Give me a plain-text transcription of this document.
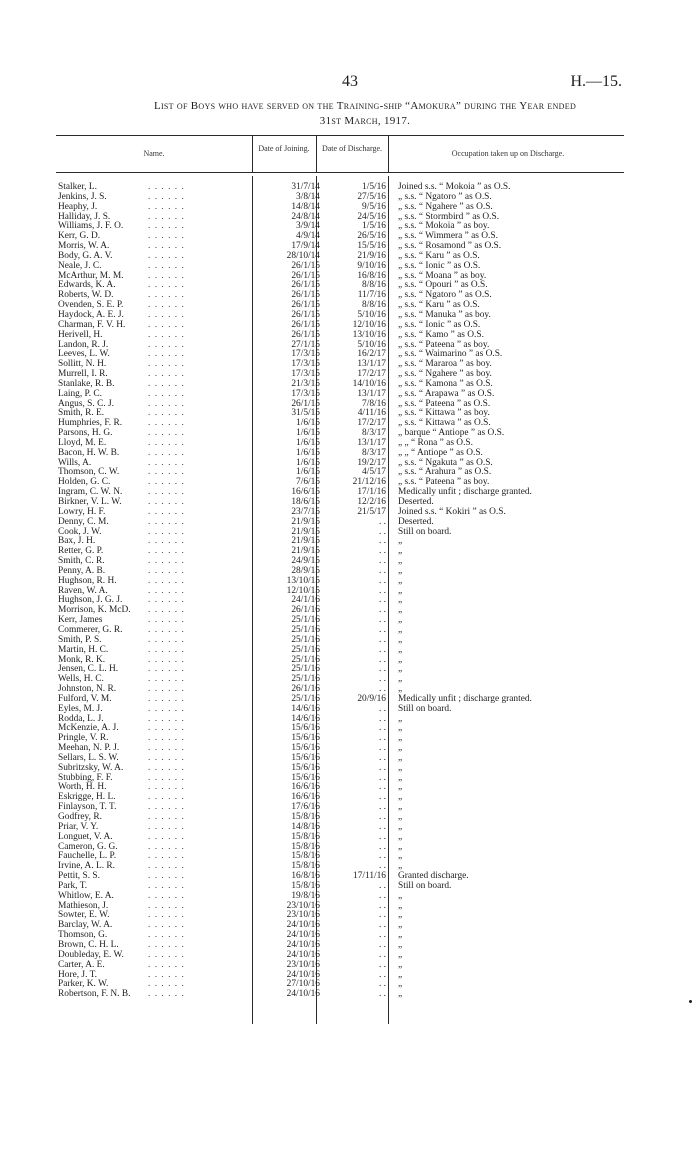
43	H.—15.
List of Boys who have served on the Training-ship “Amokura” during the Year ended
31st March, 1917.
Name.
Date of Joining. Date of Discharge.
Occupation taken up on Discharge.
Stalker, L.	. . . . . .	31/7/14	1/5/16 Joined s.s. “ Mokoia ” as O.S.
Jenkins, J. S.	. . . . . .	3/8/14	27/5/16 „ s.s. “ Ngatoro ” as O.S.
Heaphy, J.	. . . . . .	14/8/14	9/5/16 „ s.s. “ Ngahere ” as O.S.
Halliday, J. S.	. . . . . .	24/8/14	24/5/16 „ s.s. “ Stormbird ” as O.S.
Williams, J. F. O.	. . . . . .	3/9/14	1/5/16 „ s.s. “ Mokoia ” as boy.
Kerr, G. D.	. . . . . .	4/9/14	26/5/16 „ s.s. “ Wimmera ” as O.S.
Morris, W. A.	. . . . . .	17/9/14	15/5/16 „ s.s. “ Rosamond ” as O.S.
Body, G. A. V.	. . . . . .	28/10/14	21/9/16 „ s.s. “ Karu ” as O.S.
Neale, J. C.	. . . . . .	26/1/15	9/10/16 „ s.s. “ Ionic ” as O.S.
McArthur, M. M.	. . . . . .	26/1/15	16/8/16 „ s.s. “ Moana ” as boy.
Edwards, K. A.	. . . . . .	26/1/15	8/8/16 „ s.s. “ Opouri ” as O.S.
Roberts, W. D.	. . . . . .	26/1/15	11/7/16 „ s.s. “ Ngatoro ” as O.S.
Ovenden, S. E. P.	. . . . . .	26/1/15	8/8/16 „ s.s. “ Karu ” as O.S.
Haydock, A. E. J.	. . . . . .	26/1/15	5/10/16 „ s.s. “ Manuka ” as boy.
Charman, F. V. H. . . . . . .	26/1/15	12/10/16 „ s.s. “ Ionic ” as O.S.
Herivell, H.	. . . . . .	26/1/15	13/10/16 „ s.s. “ Kamo ” as O.S.
Landon, R. J.	. . . . . .	27/1/15	5/10/16 „ s.s. “ Pateena ” as boy.
Leeves, L. W.	. . . . . .	17/3/15	16/2/17 „ s.s. “ Waimarino ” as O.S.
Sollitt, N. H.	. . . . . .	17/3/15	13/1/17 „ s.s. “ Mararoa ” as boy.
Murrell, I. R.	. . . . . .	17/3/15	17/2/17 „ s.s. “ Ngahere ” as boy.
Stanlake, R. B.	. . . . . .	21/3/15	14/10/16 „ s.s. “ Kamona ” as O.S.
Laing, P. C.	. . . . . .	17/3/15	13/1/17 „ s.s. “ Arapawa ” as O.S.
Angus, S. C. J.	. . . . . .	26/1/15	7/8/16 „ s.s. “ Pateena ” as O.S.
Smith, R. E.	. . . . . .	31/5/15	4/11/16 „ s.s. “ Kittawa ” as boy.
Humphries, F. R.	. . . . . .	1/6/15	17/2/17 „ s.s. “ Kittawa ” as O.S.
Parsons, H. G.	. . . . . .	1/6/15	8/3/17 „ barque “ Antiope ” as O.S.
Lloyd, M. E.	. . . . . .	1/6/15	13/1/17 „ „ “ Rona ” as O.S.
Bacon, H. W. B.	. . . . . .	1/6/15	8/3/17 „ „ “ Antiope ” as O.S.
Wills, A.	. . . . . .	1/6/15	19/2/17 „ s.s. “ Ngakuta ” as O.S.
Thomson, C. W.	. . . . . .	1/6/15	4/5/17 „ s.s. “ Arahura ” as O.S.
Holden, G. C.	. . . . . .	7/6/15	21/12/16 „ s.s. “ Pateena ” as boy.
Ingram, C. W. N.	. . . . . .	16/6/15	17/1/16 Medically unfit ; discharge granted.
Birkner, V. L. W.	. . . . . .	18/6/15	12/2/16 Deserted.
Lowry, H. F.	. . . . . .	23/7/15	21/5/17 Joined s.s. “ Kokiri ” as O.S.
Denny, C. M.	. . . . . .	21/9/15	. . Deserted.
Cook, J. W.	. . . . . .	21/9/15	. . Still on board.
Bax, J. H.	. . . . . .	21/9/15	. . „
Retter, G. P.	. . . . . .	21/9/15	. . „
Smith, C. R.	. . . . . .	24/9/15	. . „
Penny, A. B.	. . . . . .	28/9/15	. . „
Hughson, R. H.	. . . . . .	13/10/15	. . „
Raven, W. A.	. . . . . .	12/10/15	. . „
Hughson, J. G. J.	. . . . . .	24/1/16	. . „
Morrison, K. McD. . . . . . .	26/1/16	. . „
Kerr, James	. . . . . .	25/1/16	. . „
Commerer, G. R.	. . . . . .	25/1/16	. . „
Smith, P. S.	. . . . . .	25/1/16	. . „
Martin, H. C.	. . . . . .	25/1/16	. . „
Monk, R. K.	. . . . . .	25/1/16	. . „
Jensen, C. L. H.	. . . . . .	25/1/16	. . „
Wells, H. C.	. . . . . .	25/1/16	. . „
Johnston, N. R.	. . . . . .	26/1/16	. . „
Fulford, V. M.	. . . . . .	25/1/16	20/9/16 Medically unfit ; discharge granted.
Eyles, M. J.	. . . . . .	14/6/16	. . Still on board.
Rodda, L. J.	. . . . . .	14/6/16	. . „
McKenzie, A. J.	. . . . . .	15/6/16	. . „
Pringle, V. R.	. . . . . .	15/6/16	. . „
Meehan, N. P. J.	. . . . . .	15/6/16	. . „
Sellars, L. S. W.	. . . . . .	15/6/16	. . „
Subritzsky, W. A.	. . . . . .	15/6/16	. . „
Stubbing, F. F.	. . . . . .	15/6/16	. . „
Worth, H. H.	. . . . . .	16/6/16	. . „
Eskrigge, H. L.	. . . . . .	16/6/16	. . „
Finlayson, T. T.	. . . . . .	17/6/16	. . „
Godfrey, R.	. . . . . .	15/8/16	. . „
Priar, V. Y.	. . . . . .	14/8/16	. . „
Longuet, V. A.	. . . . . .	15/8/16	. . „
Cameron, G. G.	. . . . . .	15/8/16	. . „
Fauchelle, L. P.	. . . . . .	15/8/16	. . „
Irvine, A. L. R.	. . . . . .	15/8/16	. . „
Pettit, S. S.	. . . . . .	16/8/16	17/11/16 Granted discharge.
Park, T.	. . . . . .	15/8/16	. . Still on board.
Whitlow, E. A.	. . . . . .	19/8/16	. . „
Mathieson, J.	. . . . . .	23/10/16	. . „
Sowter, E. W.	. . . . . .	23/10/16	. . „
Barclay, W. A.	. . . . . .	24/10/16	. . „
Thomson, G.	. . . . . .	24/10/16	. . „
Brown, C. H. L.	. . . . . .	24/10/16	. . „
Doubleday, E. W.	. . . . . .	24/10/16	. . „
Carter, A. E.	. . . . . .	23/10/16	. . „
Hore, J. T.	. . . . . .	24/10/16	. . „
Parker, K. W.	. . . . . .	27/10/16	. . „
Robertson, F. N. B. . . . . . .	24/10/16	. . „
